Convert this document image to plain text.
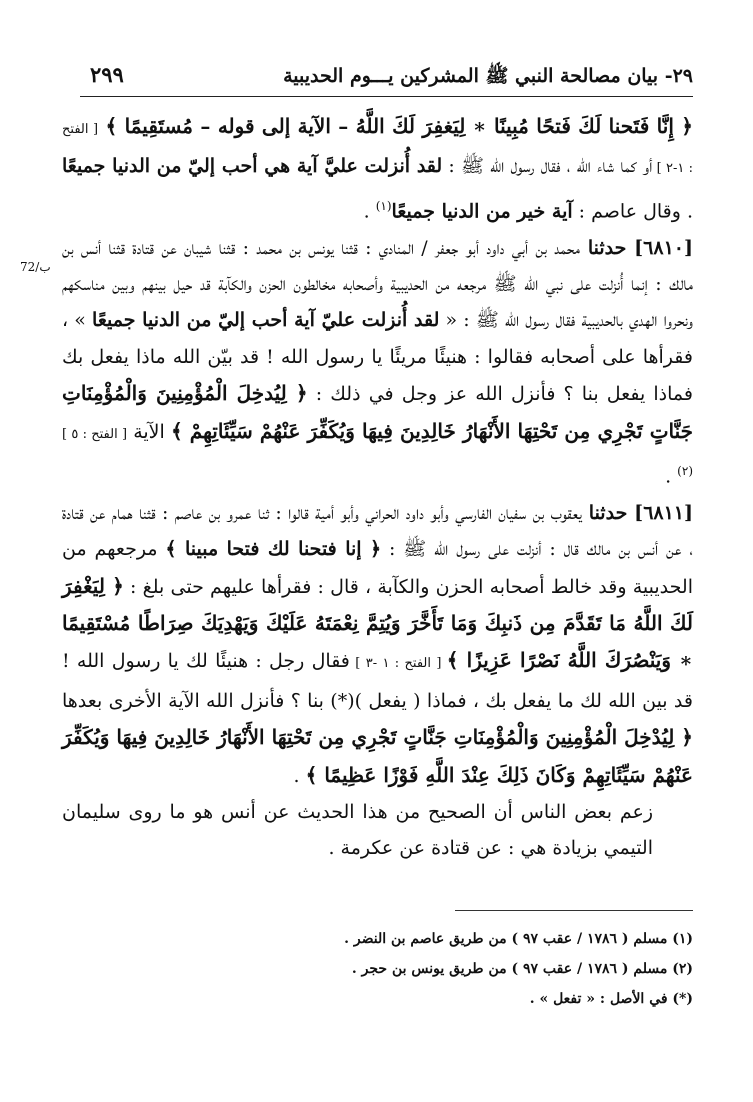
٢٩- بيان مصالحة النبي ﷺ المشركين يـــوم الحديبية
٢٩٩
72/ب

﴿ إِنَّا فَتَحنا لَكَ فَتحًا مُبِينًا ∗ لِيَغفِرَ لَكَ اللَّهُ – الآية إلى قوله – مُستَقِيمًا ﴾ [ الفتح : ١-٢ ] أو كما شاء الله ، فقال رسول الله ﷺ : لقد أُنزلت عليَّ آية هي أحب إليّ من الدنيا جميعًا . وقال عاصم : آية خير من الدنيا جميعًا$^{(١)}$ .

[٦٨١٠] حدثنا محمد بن أبي داود أبو جعفر / المنادي : قثنا يونس بن محمد : قثنا شيبان عن قتادة قثنا أنس بن مالك : إنما أُنزلت على نبي الله ﷺ مرجعه من الحديبية وأصحابه مخالطون الحزن والكآبة قد حيل بينهم وبين مناسكهم ونحروا الهدي بالحديبية فقال رسول الله ﷺ : « لقد أُنزلت عليّ آية أحب إليّ من الدنيا جميعًا » ، فقرأها على أصحابه فقالوا : هنيئًا مريئًا يا رسول الله ! قد بيّن الله ماذا يفعل بك فماذا يفعل بنا ؟ فأنزل الله عز وجل في ذلك : ﴿ لِيُدخِلَ الْمُؤْمِنِينَ وَالْمُؤْمِنَاتِ جَنَّاتٍ تَجْرِي مِن تَحْتِهَا الأَنْهَارُ خَالِدِينَ فِيهَا وَيُكَفِّرَ عَنْهُمْ سَيِّئَاتِهِمْ ﴾ الآية [ الفتح : ٥ ] $^{(٢)}$ .

[٦٨١١] حدثنا يعقوب بن سفيان الفارسي وأبو داود الحراني وأبو أمية قالوا : ثنا عمرو بن عاصم : قثنا همام عن قتادة ، عن أنس بن مالك قال : أنزلت على رسول الله ﷺ : ﴿ إنا فتحنا لك فتحا مبينا ﴾ مرجعهم من الحديبية وقد خالط أصحابه الحزن والكآبة ، قال : فقرأها عليهم حتى بلغ : ﴿ لِيَغْفِرَ لَكَ اللَّهُ مَا تَقَدَّمَ مِن ذَنبِكَ وَمَا تَأَخَّرَ وَيُتِمَّ نِعْمَتَهُ عَلَيْكَ وَيَهْدِيَكَ صِرَاطًا مُسْتَقِيمًا ∗ وَيَنْصُرَكَ اللَّهُ نَصْرًا عَزِيزًا ﴾ [ الفتح : ١ -٣ ] فقال رجل : هنيئًا لك يا رسول الله ! قد بين الله لك ما يفعل بك ، فماذا ( يفعل )(*) بنا ؟ فأنزل الله الآية الأخرى بعدها ﴿ لِيُدْخِلَ الْمُؤْمِنِينَ وَالْمُؤْمِنَاتِ جَنَّاتٍ تَجْرِي مِن تَحْتِهَا الأَنْهَارُ خَالِدِينَ فِيهَا وَيُكَفِّرَ عَنْهُمْ سَيِّئَاتِهِمْ وَكَانَ ذَلِكَ عِنْدَ اللَّهِ فَوْزًا عَظِيمًا ﴾ .

زعم بعض الناس أن الصحيح من هذا الحديث عن أنس هو ما روى سليمان التيمي بزيادة هي : عن قتادة عن عكرمة .

(١) مسلم ( ١٧٨٦ / عقب ٩٧ ) من طريق عاصم بن النضر .
(٢) مسلم ( ١٧٨٦ / عقب ٩٧ ) من طريق يونس بن حجر .
(*) في الأصل : « تفعل » .
